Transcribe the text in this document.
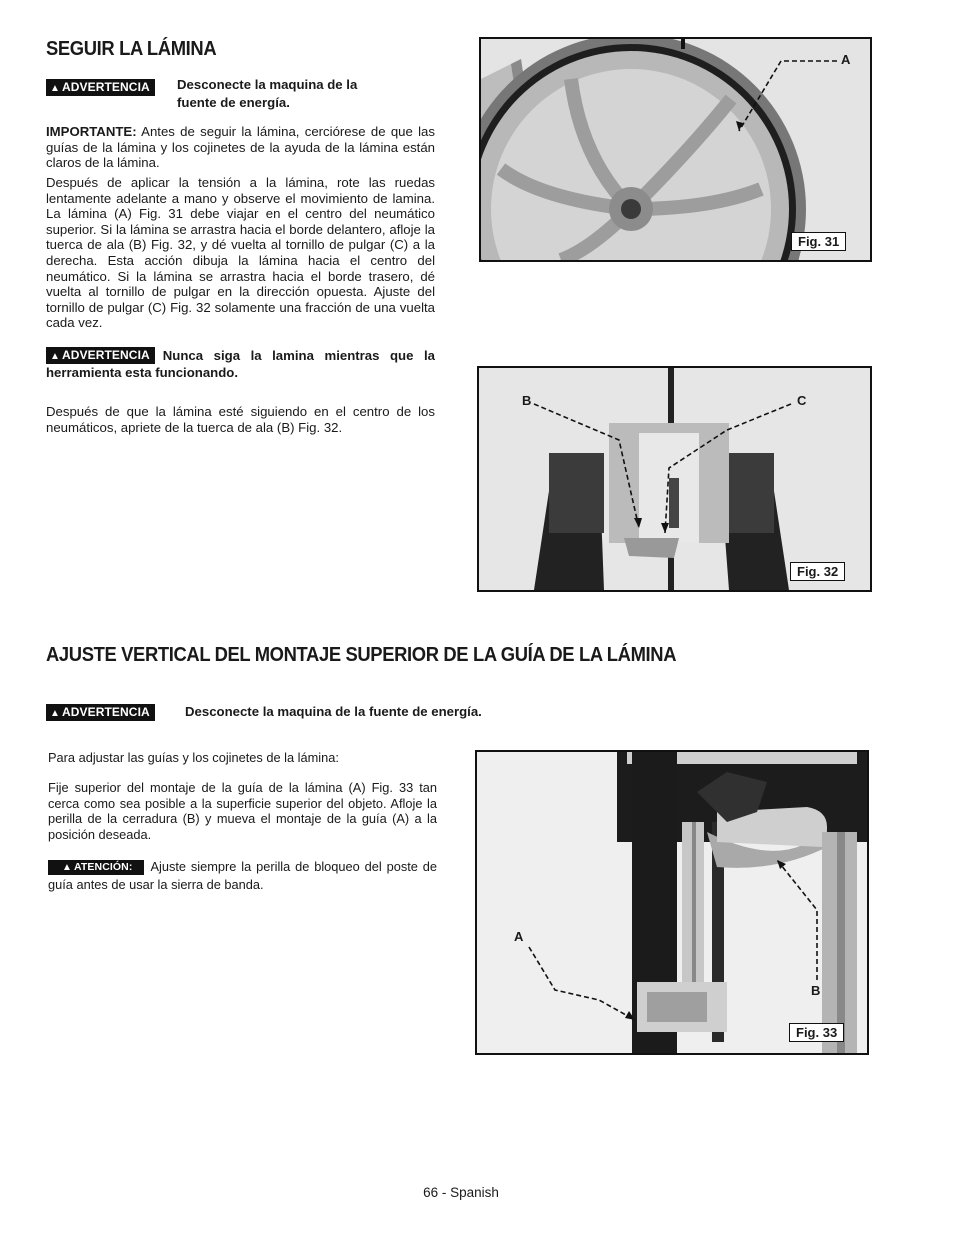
SEGUIR LA LÁMINA
▲ ADVERTENCIA	Desconecte la maquina de la
fuente de energía.

IMPORTANTE: Antes de seguir la lámina, cerciórese de que las guías de la lámina y los cojinetes de la ayuda de la lámina están claros de la lámina.

Después de aplicar la tensión a la lámina, rote las ruedas lentamente adelante a mano y observe el movimiento de lamina. La lámina (A) Fig. 31 debe viajar en el centro del neumático superior. Si la lámina se arrastra hacia el borde delantero, afloje la tuerca de ala (B) Fig. 32, y dé vuelta al tornillo de pulgar (C) a la derecha. Esta acción dibuja la lámina hacia el centro del neumático. Si la lámina se arrastra hacia el borde trasero, dé vuelta al tornillo de pulgar en la dirección opuesta. Ajuste del tornillo de pulgar (C) Fig. 32 solamente una fracción de una vuelta cada vez.

▲ ADVERTENCIA Nunca siga la lamina mientras que la herramienta esta funcionando.

Después de que la lámina esté siguiendo en el centro de los neumáticos, apriete de la tuerca de ala (B) Fig. 32.

A
Fig. 31
B	C
Fig. 32
AJUSTE VERTICAL DEL MONTAJE SUPERIOR DE LA GUÍA DE LA LÁMINA
▲ ADVERTENCIA	Desconecte la maquina de la fuente de energía.

Para adjustar las guías y los cojinetes de la lámina:

Fije superior del montaje de la guía de la lámina (A) Fig. 33 tan cerca como sea posible a la superficie superior del objeto. Afloje la perilla de la cerradura (B) y mueva el montaje de la guía (A) a la posición deseada.

▲ ATENCIÓN: Ajuste siempre la perilla de bloqueo del poste de guía antes de usar la sierra de banda.

A
B
Fig. 33
66 - Spanish
